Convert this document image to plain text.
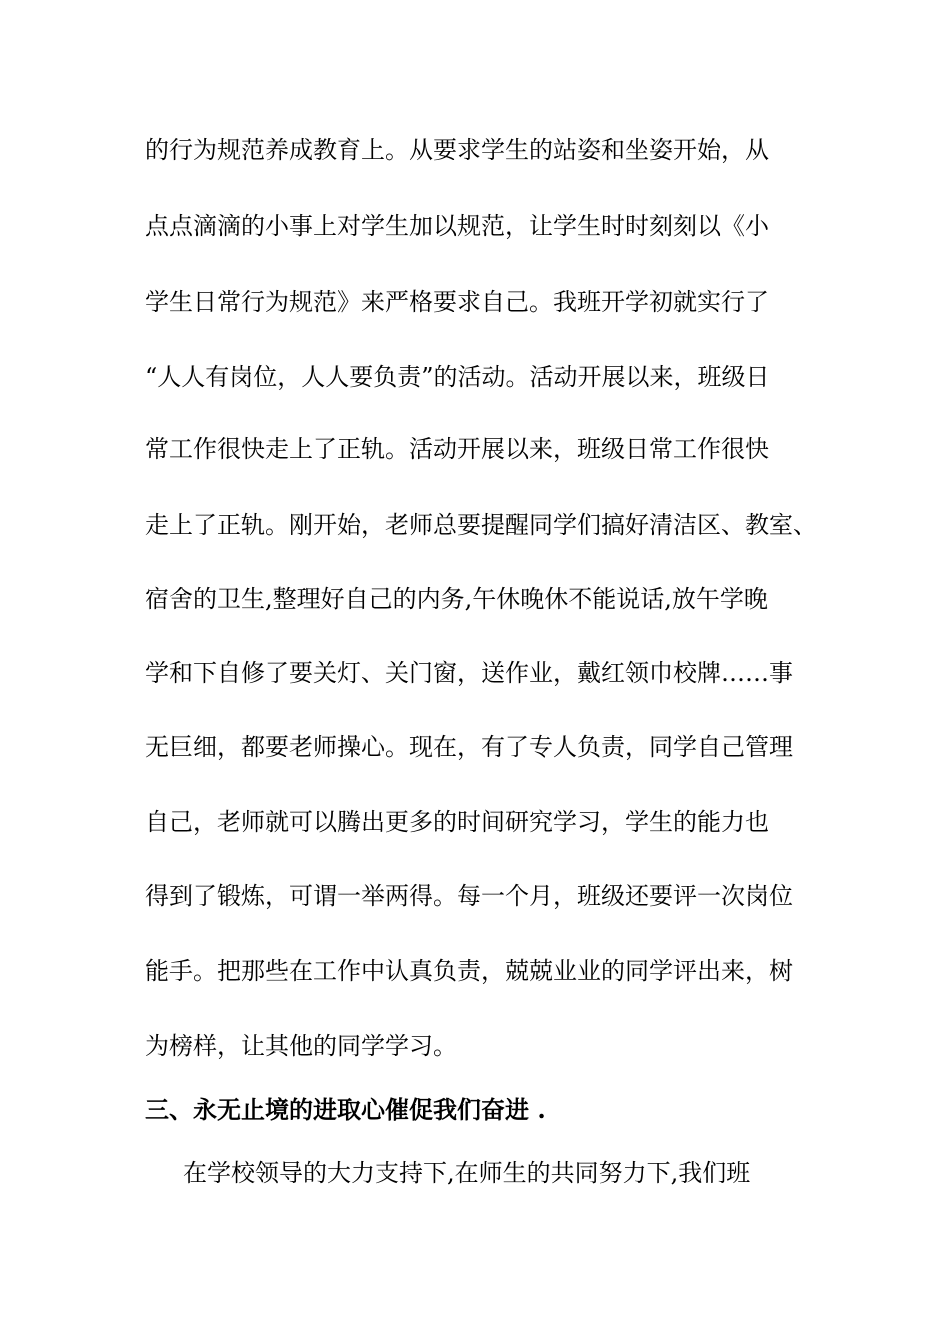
的行为规范养成教育上。从要求学生的站姿和坐姿开始，从
点点滴滴的小事上对学生加以规范，让学生时时刻刻以《小
学生日常行为规范》来严格要求自己。我班开学初就实行了
“人人有岗位，人人要负责”的活动。活动开展以来，班级日
常工作很快走上了正轨。活动开展以来，班级日常工作很快
走上了正轨。刚开始，老师总要提醒同学们搞好清洁区、教室、
宿舍的卫生,整理好自己的内务,午休晚休不能说话,放午学晚
学和下自修了要关灯、关门窗，送作业，戴红领巾校牌……事
无巨细，都要老师操心。现在，有了专人负责，同学自己管理
自己，老师就可以腾出更多的时间研究学习，学生的能力也
得到了锻炼，可谓一举两得。每一个月，班级还要评一次岗位
能手。把那些在工作中认真负责，兢兢业业的同学评出来，树
为榜样，让其他的同学学习。
三、永无止境的进取心催促我们奋进 .
在学校领导的大力支持下,在师生的共同努力下,我们班
